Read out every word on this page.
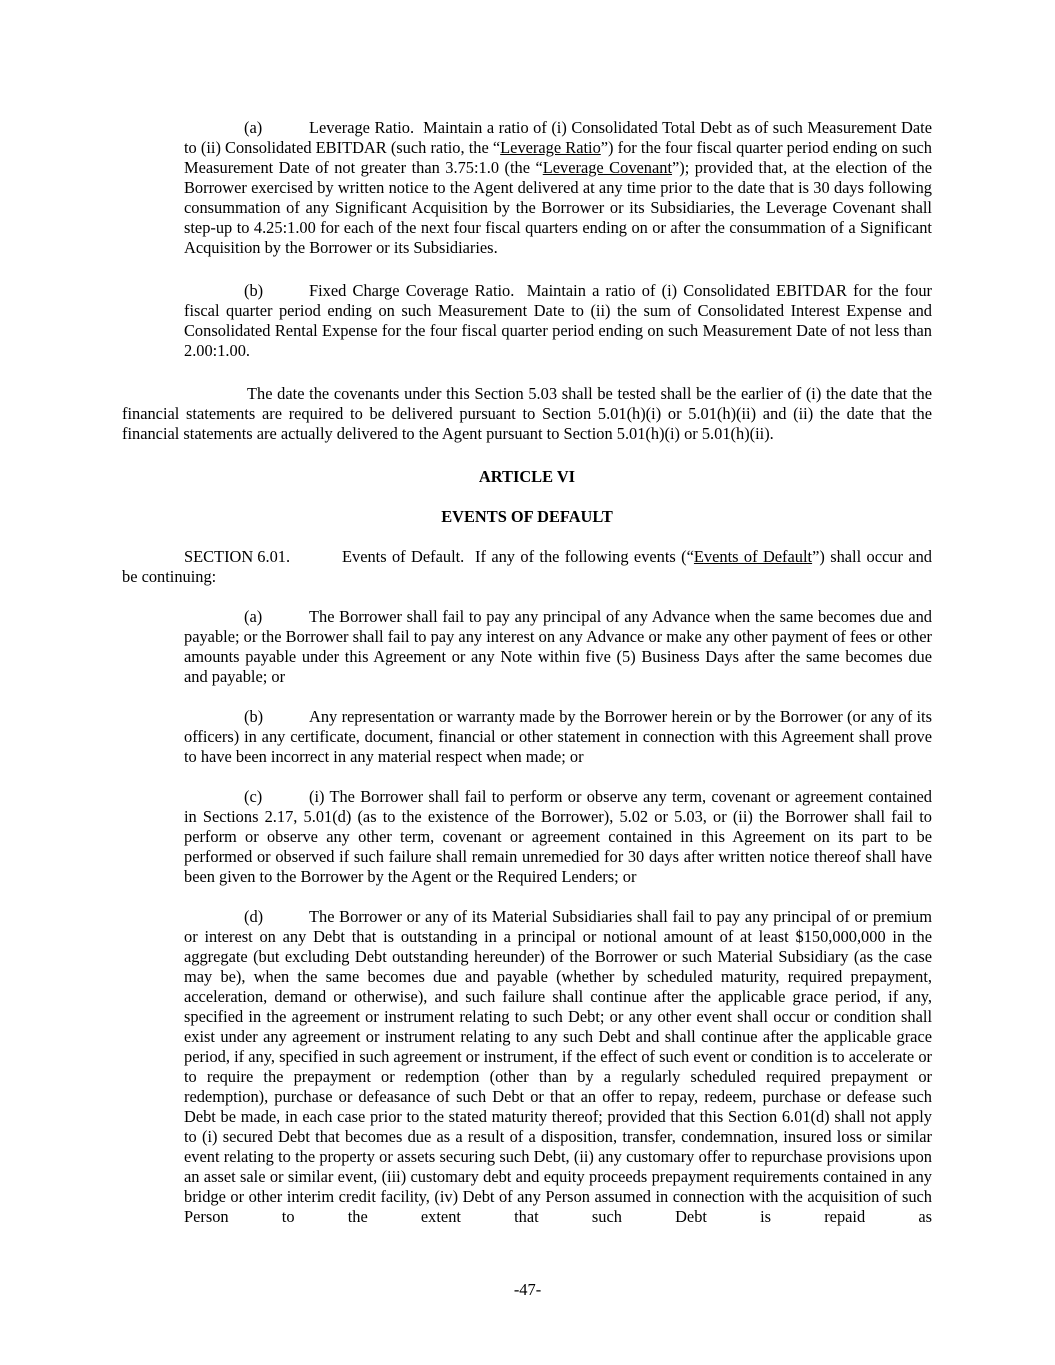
(a)	Leverage Ratio.  Maintain a ratio of (i) Consolidated Total Debt as of such Measurement Date to (ii) Consolidated EBITDAR (such ratio, the “Leverage Ratio”) for the four fiscal quarter period ending on such Measurement Date of not greater than 3.75:1.0 (the “Leverage Covenant”); provided that, at the election of the Borrower exercised by written notice to the Agent delivered at any time prior to the date that is 30 days following consummation of any Significant Acquisition by the Borrower or its Subsidiaries, the Leverage Covenant shall step-up to 4.25:1.00 for each of the next four fiscal quarters ending on or after the consummation of a Significant Acquisition by the Borrower or its Subsidiaries.

(b)	Fixed Charge Coverage Ratio.  Maintain a ratio of (i) Consolidated EBITDAR for the four fiscal quarter period ending on such Measurement Date to (ii) the sum of Consolidated Interest Expense and Consolidated Rental Expense for the four fiscal quarter period ending on such Measurement Date of not less than 2.00:1.00.

The date the covenants under this Section 5.03 shall be tested shall be the earlier of (i) the date that the financial statements are required to be delivered pursuant to Section 5.01(h)(i) or 5.01(h)(ii) and (ii) the date that the financial statements are actually delivered to the Agent pursuant to Section 5.01(h)(i) or 5.01(h)(ii).

ARTICLE VI

EVENTS OF DEFAULT

SECTION 6.01.	Events of Default.  If any of the following events (“Events of Default”) shall occur and be continuing:

(a)	The Borrower shall fail to pay any principal of any Advance when the same becomes due and payable; or the Borrower shall fail to pay any interest on any Advance or make any other payment of fees or other amounts payable under this Agreement or any Note within five (5) Business Days after the same becomes due and payable; or

(b)	Any representation or warranty made by the Borrower herein or by the Borrower (or any of its officers) in any certificate, document, financial or other statement in connection with this Agreement shall prove to have been incorrect in any material respect when made; or

(c)	(i) The Borrower shall fail to perform or observe any term, covenant or agreement contained in Sections 2.17, 5.01(d) (as to the existence of the Borrower), 5.02 or 5.03, or (ii) the Borrower shall fail to perform or observe any other term, covenant or agreement contained in this Agreement on its part to be performed or observed if such failure shall remain unremedied for 30 days after written notice thereof shall have been given to the Borrower by the Agent or the Required Lenders; or

(d)	The Borrower or any of its Material Subsidiaries shall fail to pay any principal of or premium or interest on any Debt that is outstanding in a principal or notional amount of at least $150,000,000 in the aggregate (but excluding Debt outstanding hereunder) of the Borrower or such Material Subsidiary (as the case may be), when the same becomes due and payable (whether by scheduled maturity, required prepayment, acceleration, demand or otherwise), and such failure shall continue after the applicable grace period, if any, specified in the agreement or instrument relating to such Debt; or any other event shall occur or condition shall exist under any agreement or instrument relating to any such Debt and shall continue after the applicable grace period, if any, specified in such agreement or instrument, if the effect of such event or condition is to accelerate or to require the prepayment or redemption (other than by a regularly scheduled required prepayment or redemption), purchase or defeasance of such Debt or that an offer to repay, redeem, purchase or defease such Debt be made, in each case prior to the stated maturity thereof; provided that this Section 6.01(d) shall not apply to (i) secured Debt that becomes due as a result of a disposition, transfer, condemnation, insured loss or similar event relating to the property or assets securing such Debt, (ii) any customary offer to repurchase provisions upon an asset sale or similar event, (iii) customary debt and equity proceeds prepayment requirements contained in any bridge or other interim credit facility, (iv) Debt of any Person assumed in connection with the acquisition of such Person to the extent that such Debt is repaid as

-47-
